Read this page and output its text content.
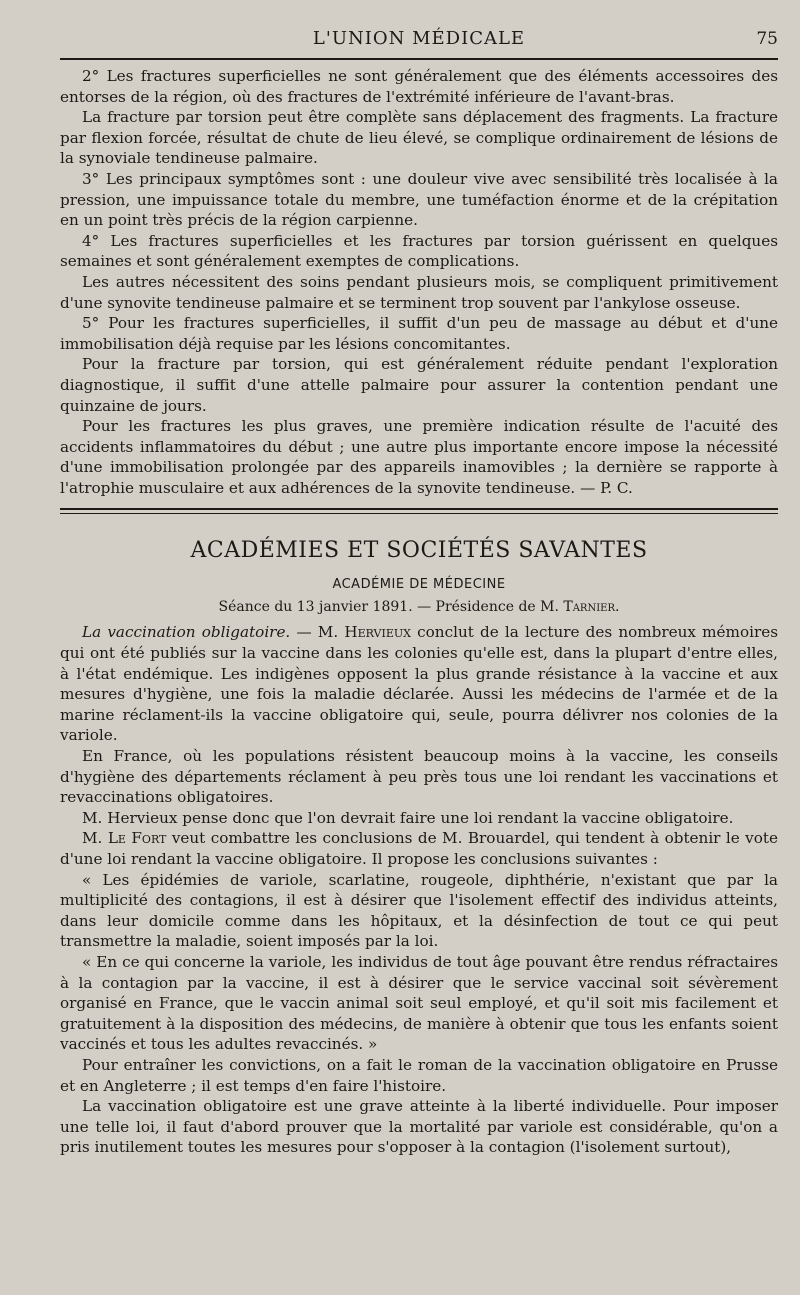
L'UNION MÉDICALE	75

2° Les fractures superficielles ne sont généralement que des éléments accessoires des entorses de la région, où des fractures de l'extrémité inférieure de l'avant-bras.

La fracture par torsion peut être complète sans déplacement des fragments. La fracture par flexion forcée, résultat de chute de lieu élevé, se complique ordinairement de lésions de la synoviale tendineuse palmaire.

3° Les principaux symptômes sont : une douleur vive avec sensibilité très localisée à la pression, une impuissance totale du membre, une tuméfaction énorme et de la crépitation en un point très précis de la région carpienne.

4° Les fractures superficielles et les fractures par torsion guérissent en quelques semaines et sont généralement exemptes de complications.

Les autres nécessitent des soins pendant plusieurs mois, se compliquent primitivement d'une synovite tendineuse palmaire et se terminent trop souvent par l'ankylose osseuse.

5° Pour les fractures superficielles, il suffit d'un peu de massage au début et d'une immobilisation déjà requise par les lésions concomitantes.

Pour la fracture par torsion, qui est généralement réduite pendant l'exploration diagnostique, il suffit d'une attelle palmaire pour assurer la contention pendant une quinzaine de jours.

Pour les fractures les plus graves, une première indication résulte de l'acuité des accidents inflammatoires du début ; une autre plus importante encore impose la nécessité d'une immobilisation prolongée par des appareils inamovibles ; la dernière se rapporte à l'atrophie musculaire et aux adhérences de la synovite tendineuse. — P. C.

ACADÉMIES ET SOCIÉTÉS SAVANTES
ACADÉMIE DE MÉDECINE
Séance du 13 janvier 1891. — Présidence de M. Tarnier.

La vaccination obligatoire. — M. Hervieux conclut de la lecture des nombreux mémoires qui ont été publiés sur la vaccine dans les colonies qu'elle est, dans la plupart d'entre elles, à l'état endémique. Les indigènes opposent la plus grande résistance à la vaccine et aux mesures d'hygiène, une fois la maladie déclarée. Aussi les médecins de l'armée et de la marine réclament-ils la vaccine obligatoire qui, seule, pourra délivrer nos colonies de la variole.

En France, où les populations résistent beaucoup moins à la vaccine, les conseils d'hygiène des départements réclament à peu près tous une loi rendant les vaccinations et revaccinations obligatoires.

M. Hervieux pense donc que l'on devrait faire une loi rendant la vaccine obligatoire.

M. Le Fort veut combattre les conclusions de M. Brouardel, qui tendent à obtenir le vote d'une loi rendant la vaccine obligatoire. Il propose les conclusions suivantes :

« Les épidémies de variole, scarlatine, rougeole, diphthérie, n'existant que par la multiplicité des contagions, il est à désirer que l'isolement effectif des individus atteints, dans leur domicile comme dans les hôpitaux, et la désinfection de tout ce qui peut transmettre la maladie, soient imposés par la loi.

« En ce qui concerne la variole, les individus de tout âge pouvant être rendus réfractaires à la contagion par la vaccine, il est à désirer que le service vaccinal soit sévèrement organisé en France, que le vaccin animal soit seul employé, et qu'il soit mis facilement et gratuitement à la disposition des médecins, de manière à obtenir que tous les enfants soient vaccinés et tous les adultes revaccinés. »

Pour entraîner les convictions, on a fait le roman de la vaccination obligatoire en Prusse et en Angleterre ; il est temps d'en faire l'histoire.

La vaccination obligatoire est une grave atteinte à la liberté individuelle. Pour imposer une telle loi, il faut d'abord prouver que la mortalité par variole est considérable, qu'on a pris inutilement toutes les mesures pour s'opposer à la contagion (l'isolement surtout),
